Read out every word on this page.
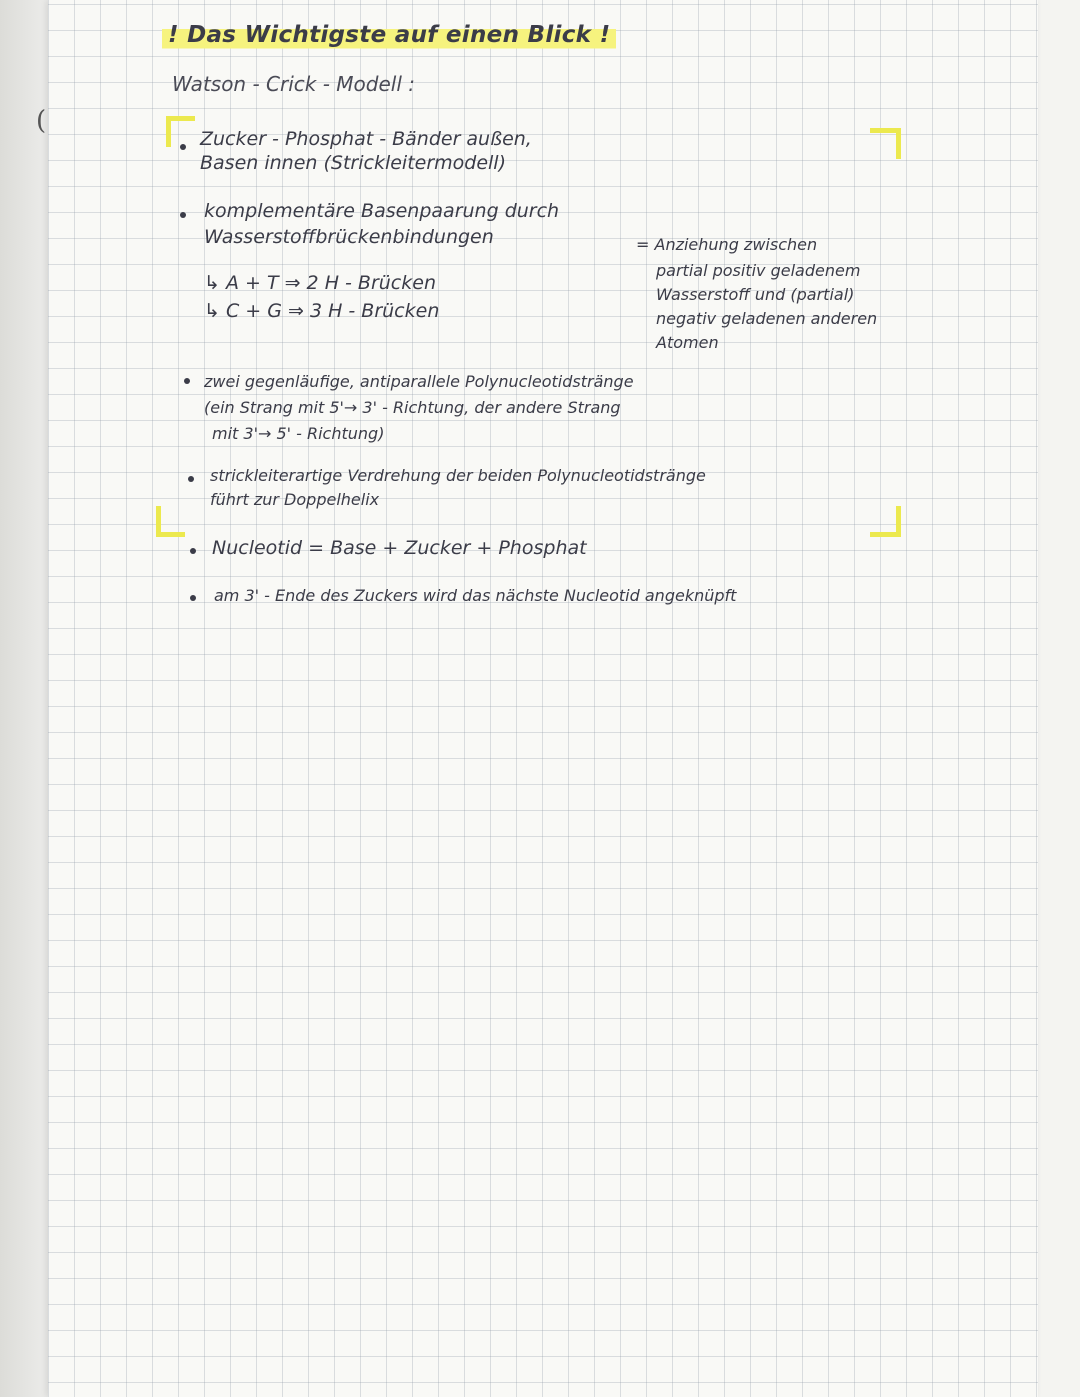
(
! Das Wichtigste auf einen Blick !

Watson - Crick - Modell :

Zucker - Phosphat - Bänder außen,

Basen innen (Strickleitermodell)

komplementäre Basenpaarung durch

Wasserstoffbrückenbindungen

↳ A + T ⇒ 2 H - Brücken

↳ C + G ⇒ 3 H - Brücken

= Anziehung zwischen

partial positiv geladenem

Wasserstoff und (partial)

negativ geladenen anderen

Atomen

zwei gegenläufige, antiparallele Polynucleotidstränge

(ein Strang mit 5'→ 3' - Richtung, der andere Strang

mit 3'→ 5' - Richtung)

strickleiterartige Verdrehung der beiden Polynucleotidstränge

führt zur Doppelhelix

Nucleotid = Base + Zucker + Phosphat

am 3' - Ende des Zuckers wird das nächste Nucleotid angeknüpft
